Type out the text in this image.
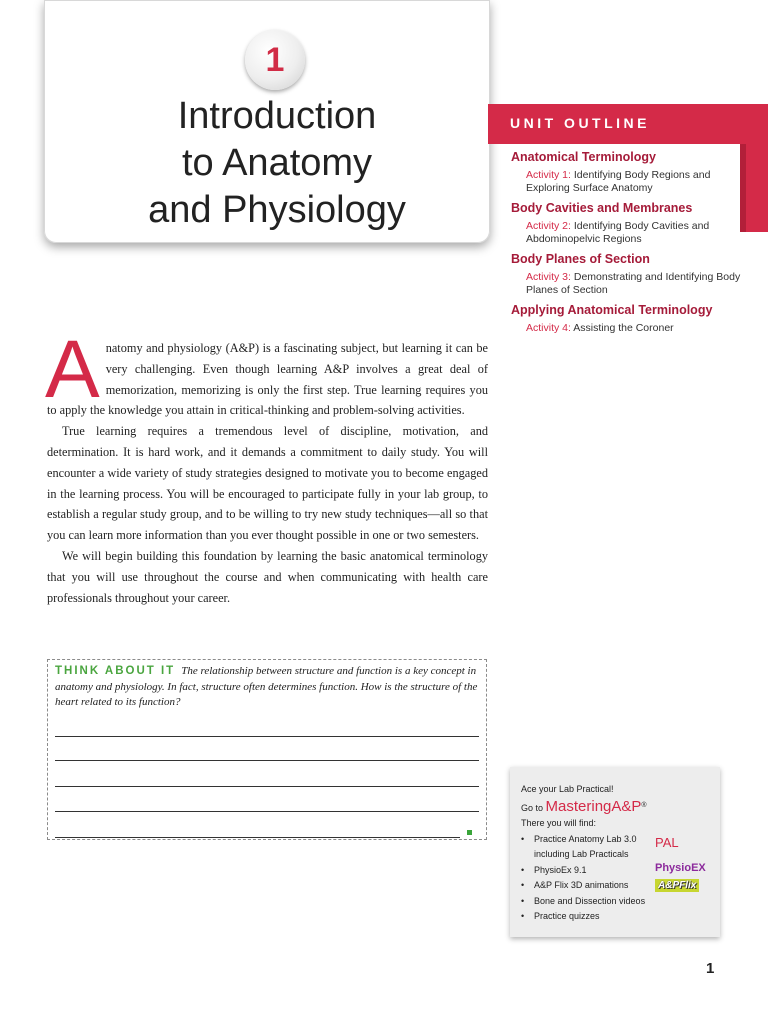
1
Introduction
to Anatomy
and Physiology
UNIT OUTLINE
Anatomical Terminology
Activity 1: Identifying Body Regions and Exploring Surface Anatomy
Body Cavities and Membranes
Activity 2: Identifying Body Cavities and Abdominopelvic Regions
Body Planes of Section
Activity 3: Demonstrating and Identifying Body Planes of Section
Applying Anatomical Terminology
Activity 4: Assisting the Coroner

Anatomy and physiology (A&P) is a fascinating subject, but learning it can be very challenging. Even though learning A&P involves a great deal of memorization, memorizing is only the first step. True learning requires you to apply the knowledge you attain in critical-thinking and problem-solving activities.

True learning requires a tremendous level of discipline, motivation, and determination. It is hard work, and it demands a commitment to daily study. You will encounter a wide variety of study strategies designed to motivate you to become engaged in the learning process. You will be encouraged to participate fully in your lab group, to establish a regular study group, and to be willing to try new study techniques—all so that you can learn more information than you ever thought possible in one or two semesters.

We will begin building this foundation by learning the basic anatomical terminology that you will use throughout the course and when communicating with health care professionals throughout your career.

THINK ABOUT IT The relationship between structure and function is a key concept in anatomy and physiology. In fact, structure often determines function. How is the structure of the heart related to its function?
Ace your Lab Practical!
Go to MasteringA&P®
There you will find:
• Practice Anatomy Lab 3.0 including Lab Practicals
• PhysioEx 9.1
• A&P Flix 3D animations
• Bone and Dissection videos
• Practice quizzes
PAL
PhysioEX
A&PFlix
1
